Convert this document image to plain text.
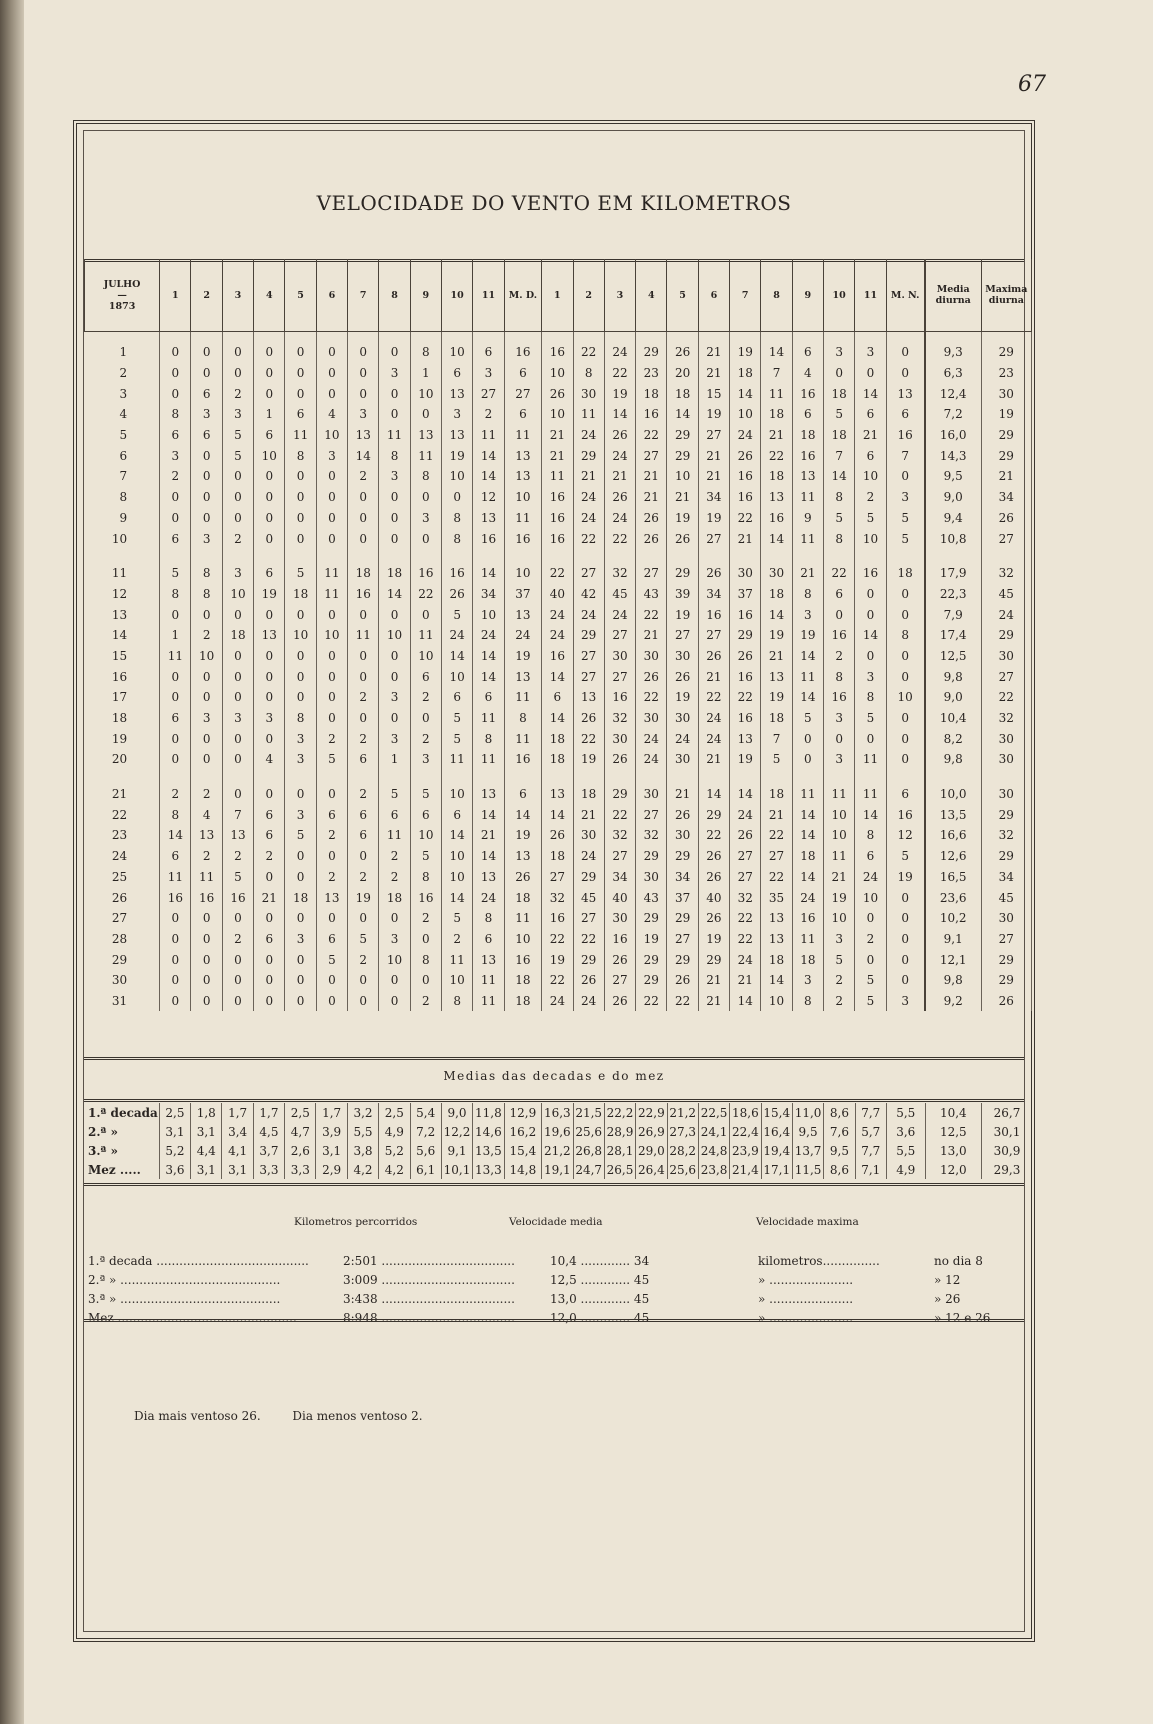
67
VELOCIDADE DO VENTO EM KILOMETROS
JULHO
—
1873	1	2	3	4	5	6	7	8	9	10	11	M. D.	1	2	3	4	5	6	7	8	9	10	11	M. N.	Media diurna	Maxima diurna
1	0	0	0	0	0	0	0	0	8	10	6	16	16	22	24	29	26	21	19	14	6	3	3	0	9,3	29
2	0	0	0	0	0	0	0	3	1	6	3	6	10	8	22	23	20	21	18	7	4	0	0	0	6,3	23
3	0	6	2	0	0	0	0	0	10	13	27	27	26	30	19	18	18	15	14	11	16	18	14	13	12,4	30
4	8	3	3	1	6	4	3	0	0	3	2	6	10	11	14	16	14	19	10	18	6	5	6	6	7,2	19
5	6	6	5	6	11	10	13	11	13	13	11	11	21	24	26	22	29	27	24	21	18	18	21	16	16,0	29
6	3	0	5	10	8	3	14	8	11	19	14	13	21	29	24	27	29	21	26	22	16	7	6	7	14,3	29
7	2	0	0	0	0	0	2	3	8	10	14	13	11	21	21	21	10	21	16	18	13	14	10	0	9,5	21
8	0	0	0	0	0	0	0	0	0	0	12	10	16	24	26	21	21	34	16	13	11	8	2	3	9,0	34
9	0	0	0	0	0	0	0	0	3	8	13	11	16	24	24	26	19	19	22	16	9	5	5	5	9,4	26
10	6	3	2	0	0	0	0	0	0	8	16	16	16	22	22	26	26	27	21	14	11	8	10	5	10,8	27
11	5	8	3	6	5	11	18	18	16	16	14	10	22	27	32	27	29	26	30	30	21	22	16	18	17,9	32
12	8	8	10	19	18	11	16	14	22	26	34	37	40	42	45	43	39	34	37	18	8	6	0	0	22,3	45
13	0	0	0	0	0	0	0	0	0	5	10	13	24	24	24	22	19	16	16	14	3	0	0	0	7,9	24
14	1	2	18	13	10	10	11	10	11	24	24	24	24	29	27	21	27	27	29	19	19	16	14	8	17,4	29
15	11	10	0	0	0	0	0	0	10	14	14	19	16	27	30	30	30	26	26	21	14	2	0	0	12,5	30
16	0	0	0	0	0	0	0	0	6	10	14	13	14	27	27	26	26	21	16	13	11	8	3	0	9,8	27
17	0	0	0	0	0	0	2	3	2	6	6	11	6	13	16	22	19	22	22	19	14	16	8	10	9,0	22
18	6	3	3	3	8	0	0	0	0	5	11	8	14	26	32	30	30	24	16	18	5	3	5	0	10,4	32
19	0	0	0	0	3	2	2	3	2	5	8	11	18	22	30	24	24	24	13	7	0	0	0	0	8,2	30
20	0	0	0	4	3	5	6	1	3	11	11	16	18	19	26	24	30	21	19	5	0	3	11	0	9,8	30
21	2	2	0	0	0	0	2	5	5	10	13	6	13	18	29	30	21	14	14	18	11	11	11	6	10,0	30
22	8	4	7	6	3	6	6	6	6	6	14	14	14	21	22	27	26	29	24	21	14	10	14	16	13,5	29
23	14	13	13	6	5	2	6	11	10	14	21	19	26	30	32	32	30	22	26	22	14	10	8	12	16,6	32
24	6	2	2	2	0	0	0	2	5	10	14	13	18	24	27	29	29	26	27	27	18	11	6	5	12,6	29
25	11	11	5	0	0	2	2	2	8	10	13	26	27	29	34	30	34	26	27	22	14	21	24	19	16,5	34
26	16	16	16	21	18	13	19	18	16	14	24	18	32	45	40	43	37	40	32	35	24	19	10	0	23,6	45
27	0	0	0	0	0	0	0	0	2	5	8	11	16	27	30	29	29	26	22	13	16	10	0	0	10,2	30
28	0	0	2	6	3	6	5	3	0	2	6	10	22	22	16	19	27	19	22	13	11	3	2	0	9,1	27
29	0	0	0	0	0	5	2	10	8	11	13	16	19	29	26	29	29	29	24	18	18	5	0	0	12,1	29
30	0	0	0	0	0	0	0	0	0	10	11	18	22	26	27	29	26	21	21	14	3	2	5	0	9,8	29
31	0	0	0	0	0	0	0	0	2	8	11	18	24	24	26	22	22	21	14	10	8	2	5	3	9,2	26
Medias das decadas e do mez
1.ª decada	2,5	1,8	1,7	1,7	2,5	1,7	3,2	2,5	5,4	9,0	11,8	12,9	16,3	21,5	22,2	22,9	21,2	22,5	18,6	15,4	11,0	8,6	7,7	5,5	10,4	26,7
2.ª »	3,1	3,1	3,4	4,5	4,7	3,9	5,5	4,9	7,2	12,2	14,6	16,2	19,6	25,6	28,9	26,9	27,3	24,1	22,4	16,4	9,5	7,6	5,7	3,6	12,5	30,1
3.ª »	5,2	4,4	4,1	3,7	2,6	3,1	3,8	5,2	5,6	9,1	13,5	15,4	21,2	26,8	28,1	29,0	28,2	24,8	23,9	19,4	13,7	9,5	7,7	5,5	13,0	30,9
Mez .....	3,6	3,1	3,1	3,3	3,3	2,9	4,2	4,2	6,1	10,1	13,3	14,8	19,1	24,7	26,5	26,4	25,6	23,8	21,4	17,1	11,5	8,6	7,1	4,9	12,0	29,3
Kilometros percorridos	Velocidade media	Velocidade maxima
1.ª decada ........................................	2:501 ...................................	10,4 ............. 34	kilometros...............	no dia 8
2.ª » ..........................................	3:009 ...................................	12,5 ............. 45	» ......................	» 12
3.ª » ..........................................	3:438 ...................................	13,0 ............. 45	» ......................	» 26
Mez ...............................................	8:948 ...................................	12,0 ............. 45	» ......................	» 12 e 26
Dia mais ventoso 26.	Dia menos ventoso 2.
